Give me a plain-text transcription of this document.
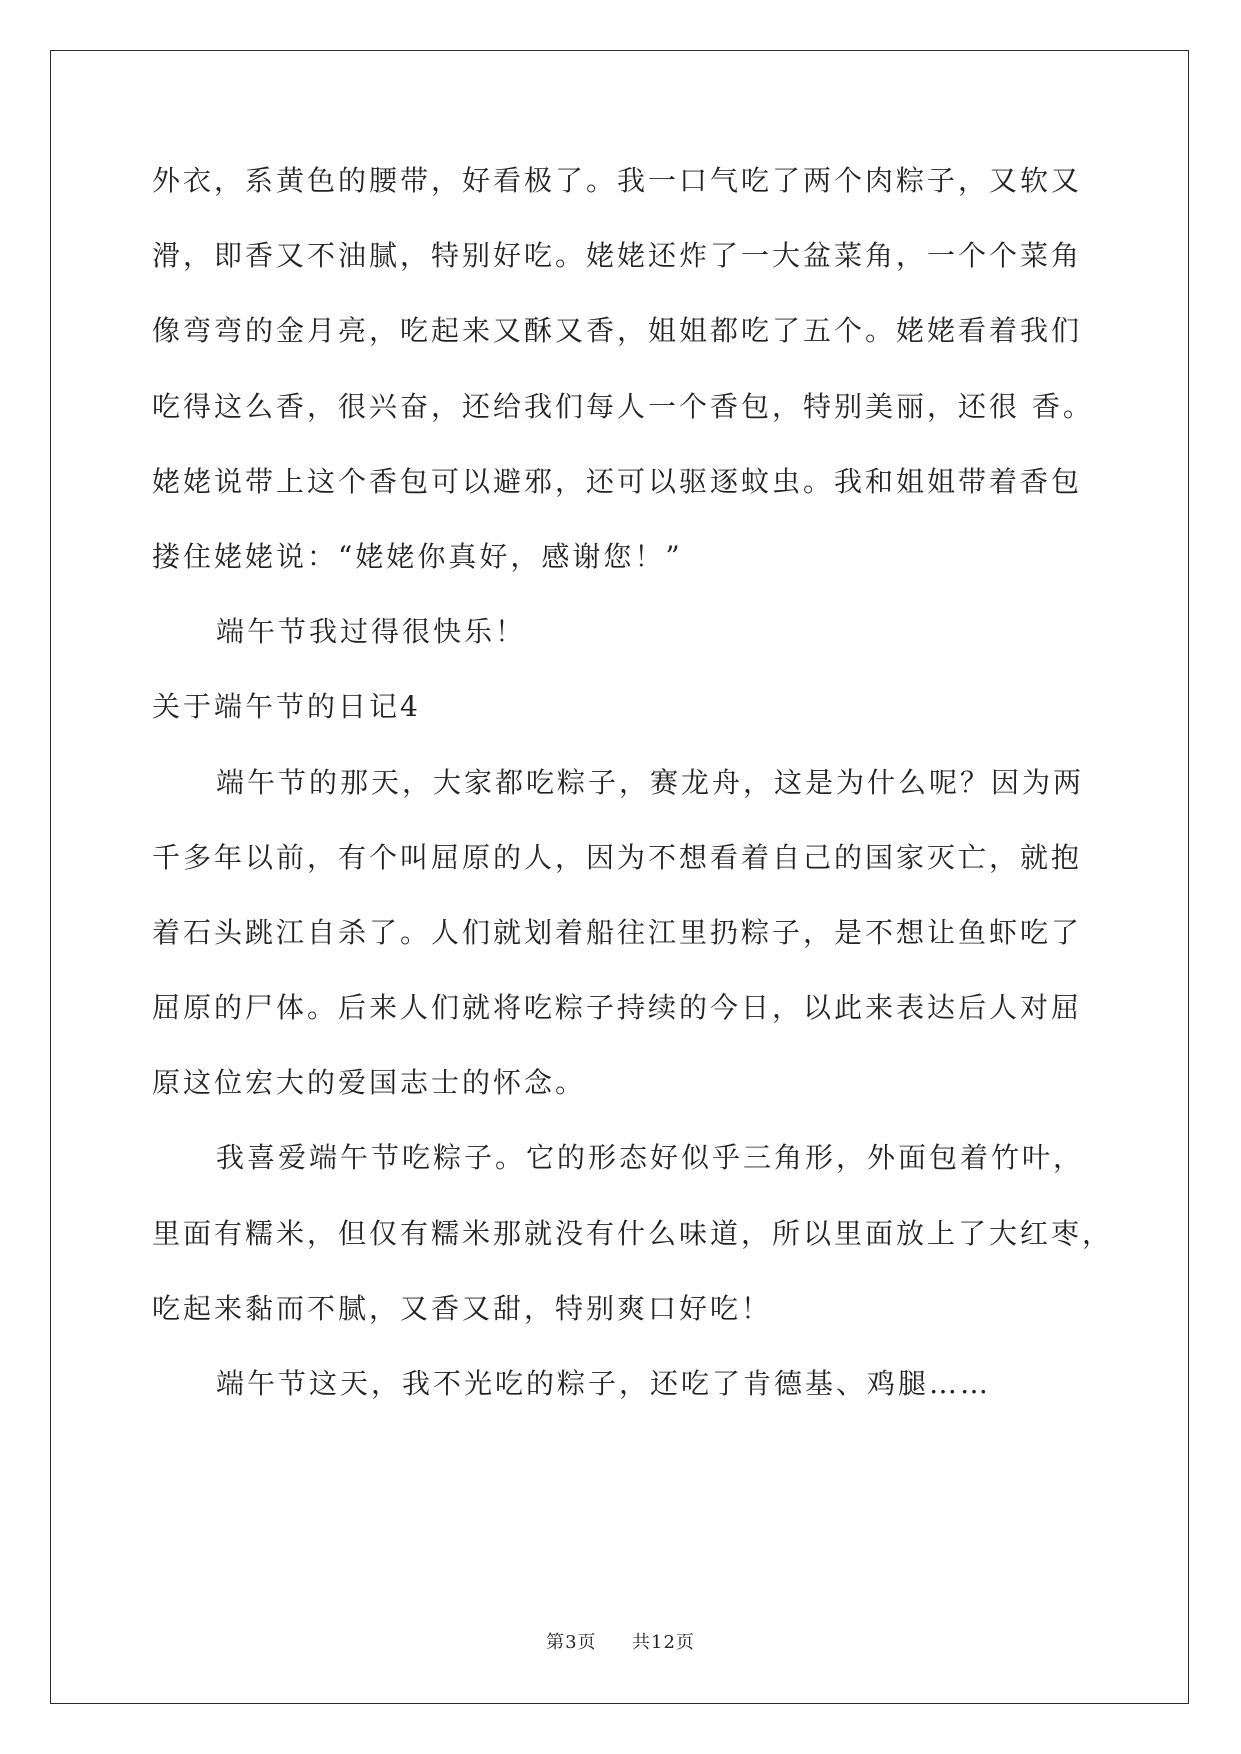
外衣，系黄色的腰带，好看极了。我一口气吃了两个肉粽子，又软又
滑，即香又不油腻，特别好吃。姥姥还炸了一大盆菜角，一个个菜角
像弯弯的金月亮，吃起来又酥又香，姐姐都吃了五个。姥姥看着我们
吃得这么香，很兴奋，还给我们每人一个香包，特别美丽，还很 香。
姥姥说带上这个香包可以避邪，还可以驱逐蚊虫。我和姐姐带着香包
搂住姥姥说：“姥姥你真好，感谢您！”
端午节我过得很快乐！
关于端午节的日记4
端午节的那天，大家都吃粽子，赛龙舟，这是为什么呢？因为两
千多年以前，有个叫屈原的人，因为不想看着自己的国家灭亡，就抱
着石头跳江自杀了。人们就划着船往江里扔粽子，是不想让鱼虾吃了
屈原的尸体。后来人们就将吃粽子持续的今日，以此来表达后人对屈
原这位宏大的爱国志士的怀念。
我喜爱端午节吃粽子。它的形态好似乎三角形，外面包着竹叶，
里面有糯米，但仅有糯米那就没有什么味道，所以里面放上了大红枣，
吃起来黏而不腻，又香又甜，特别爽口好吃！
端午节这天，我不光吃的粽子，还吃了肯德基、鸡腿……
第3页 共12页
